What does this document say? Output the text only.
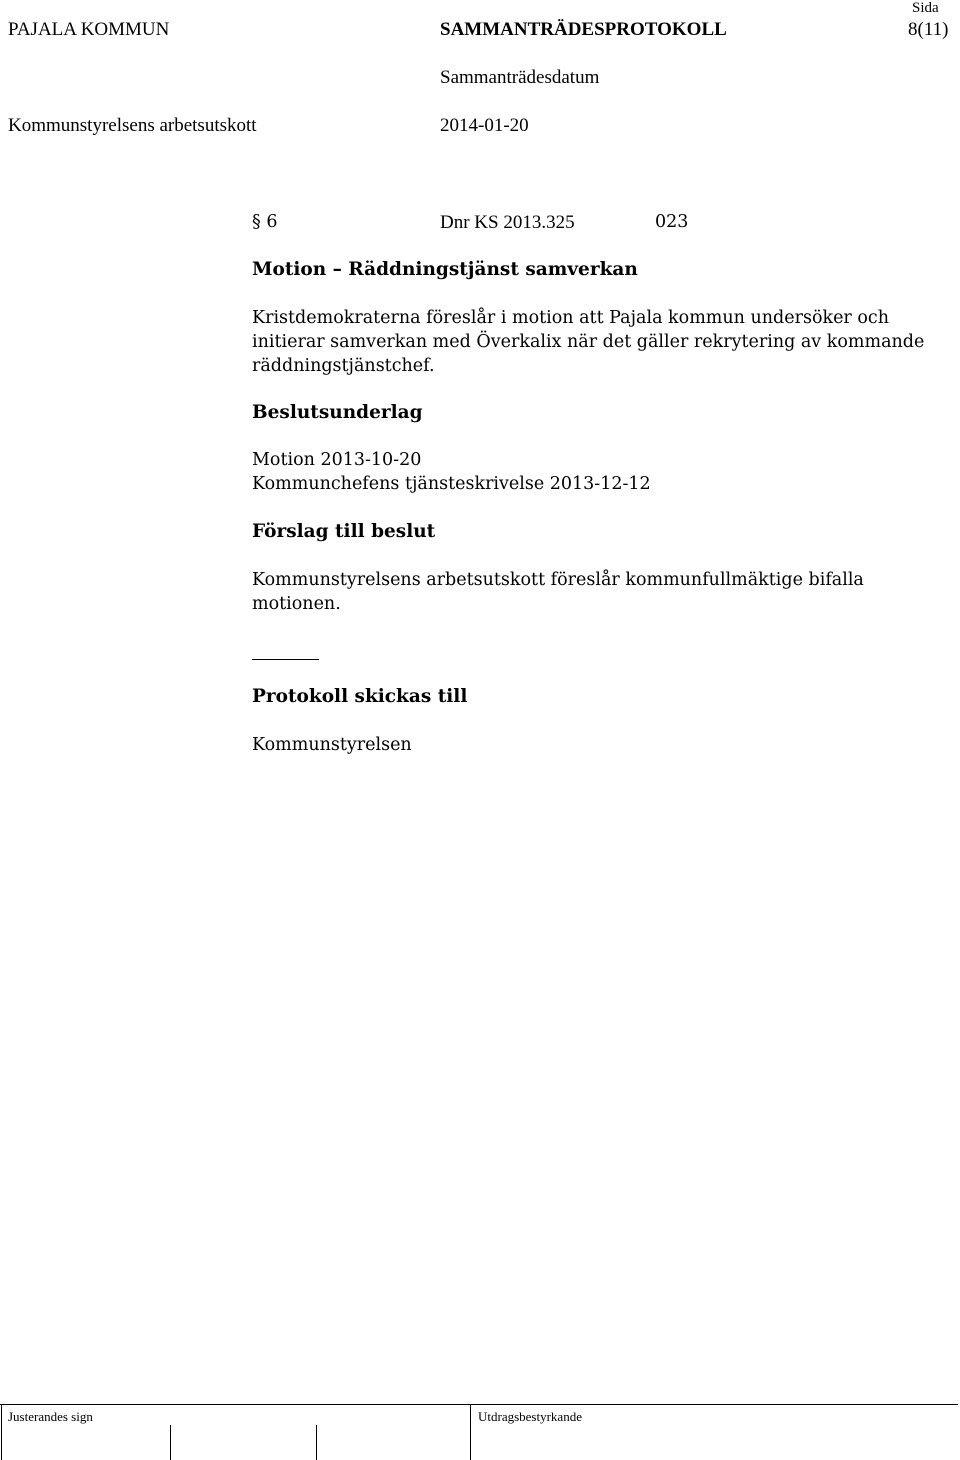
PAJALA KOMMUN	SAMMANTRÄDESPROTOKOLL
Sida
8(11)
Sammanträdesdatum
Kommunstyrelsens arbetsutskott	2014-01-20
§ 6	Dnr KS 2013.325	023
Motion – Räddningstjänst samverkan
Kristdemokraterna föreslår i motion att Pajala kommun undersöker och initierar samverkan med Överkalix när det gäller rekrytering av kommande räddningstjänstchef.
Beslutsunderlag
Motion 2013-10-20
Kommunchefens tjänsteskrivelse 2013-12-12
Förslag till beslut
Kommunstyrelsens arbetsutskott föreslår kommunfullmäktige bifalla motionen.
Protokoll skickas till
Kommunstyrelsen
Justerandes sign	Utdragsbestyrkande
